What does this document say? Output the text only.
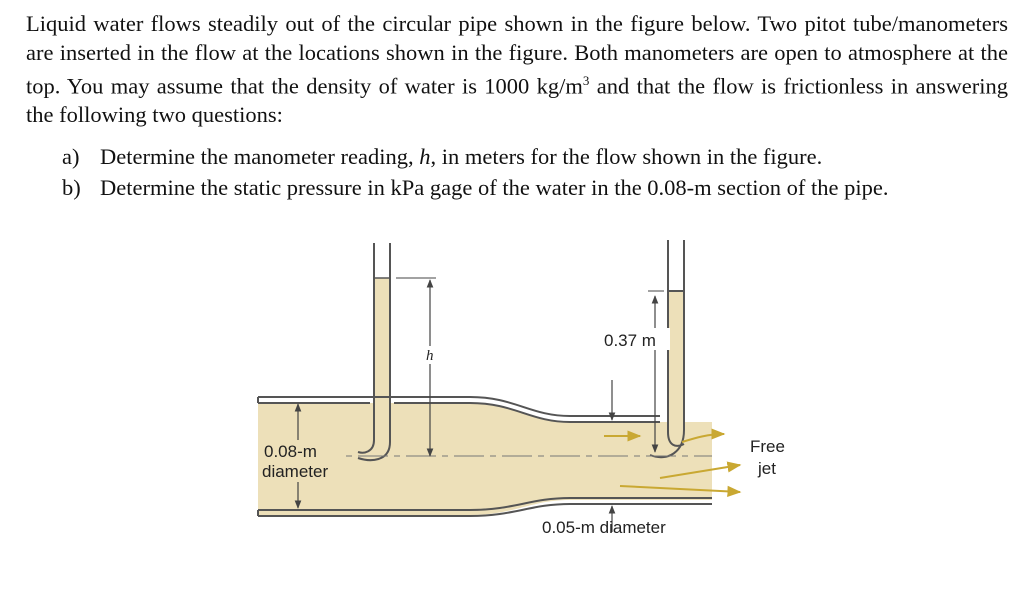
Liquid water flows steadily out of the circular pipe shown in the figure below. Two pitot tube/manometers are inserted in the flow at the locations shown in the figure. Both manometers are open to atmosphere at the top. You may assume that the density of water is 1000 $kg/m^3$ and that the flow is frictionless in answering the following two questions:
a) Determine the manometer reading, h, in meters for the flow shown in the figure.
b) Determine the static pressure in kPa gage of the water in the 0.08-m section of the pipe.
h
0.37 m
0.05-m diameter
0.08-m
diameter
Free
jet
